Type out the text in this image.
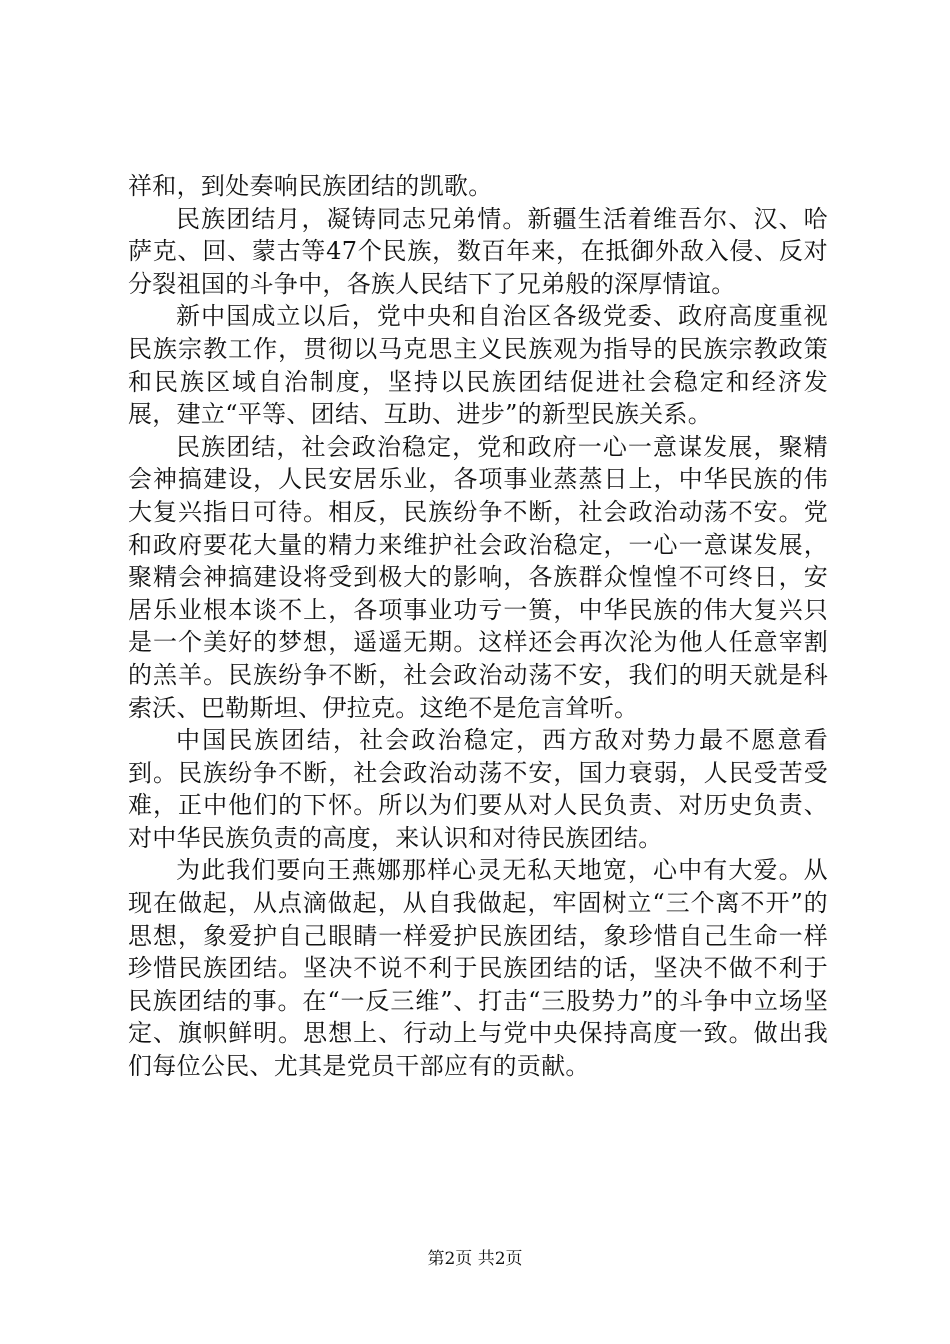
祥和，到处奏响民族团结的凯歌。

民族团结月，凝铸同志兄弟情。新疆生活着维吾尔、汉、哈萨克、回、蒙古等47个民族，数百年来，在抵御外敌入侵、反对分裂祖国的斗争中，各族人民结下了兄弟般的深厚情谊。

新中国成立以后，党中央和自治区各级党委、政府高度重视民族宗教工作，贯彻以马克思主义民族观为指导的民族宗教政策和民族区域自治制度，坚持以民族团结促进社会稳定和经济发展，建立“平等、团结、互助、进步”的新型民族关系。

民族团结，社会政治稳定，党和政府一心一意谋发展，聚精会神搞建设，人民安居乐业，各项事业蒸蒸日上，中华民族的伟大复兴指日可待。相反，民族纷争不断，社会政治动荡不安。党和政府要花大量的精力来维护社会政治稳定，一心一意谋发展，聚精会神搞建设将受到极大的影响，各族群众惶惶不可终日，安居乐业根本谈不上，各项事业功亏一篑，中华民族的伟大复兴只是一个美好的梦想，遥遥无期。这样还会再次沦为他人任意宰割的羔羊。民族纷争不断，社会政治动荡不安，我们的明天就是科索沃、巴勒斯坦、伊拉克。这绝不是危言耸听。

中国民族团结，社会政治稳定，西方敌对势力最不愿意看到。民族纷争不断，社会政治动荡不安，国力衰弱，人民受苦受难，正中他们的下怀。所以为们要从对人民负责、对历史负责、对中华民族负责的高度，来认识和对待民族团结。

为此我们要向王燕娜那样心灵无私天地宽，心中有大爱。从现在做起，从点滴做起，从自我做起，牢固树立“三个离不开”的思想，象爱护自己眼睛一样爱护民族团结，象珍惜自己生命一样珍惜民族团结。坚决不说不利于民族团结的话，坚决不做不利于民族团结的事。在“一反三维”、打击“三股势力”的斗争中立场坚定、旗帜鲜明。思想上、行动上与党中央保持高度一致。做出我们每位公民、尤其是党员干部应有的贡献。

第2页 共2页
